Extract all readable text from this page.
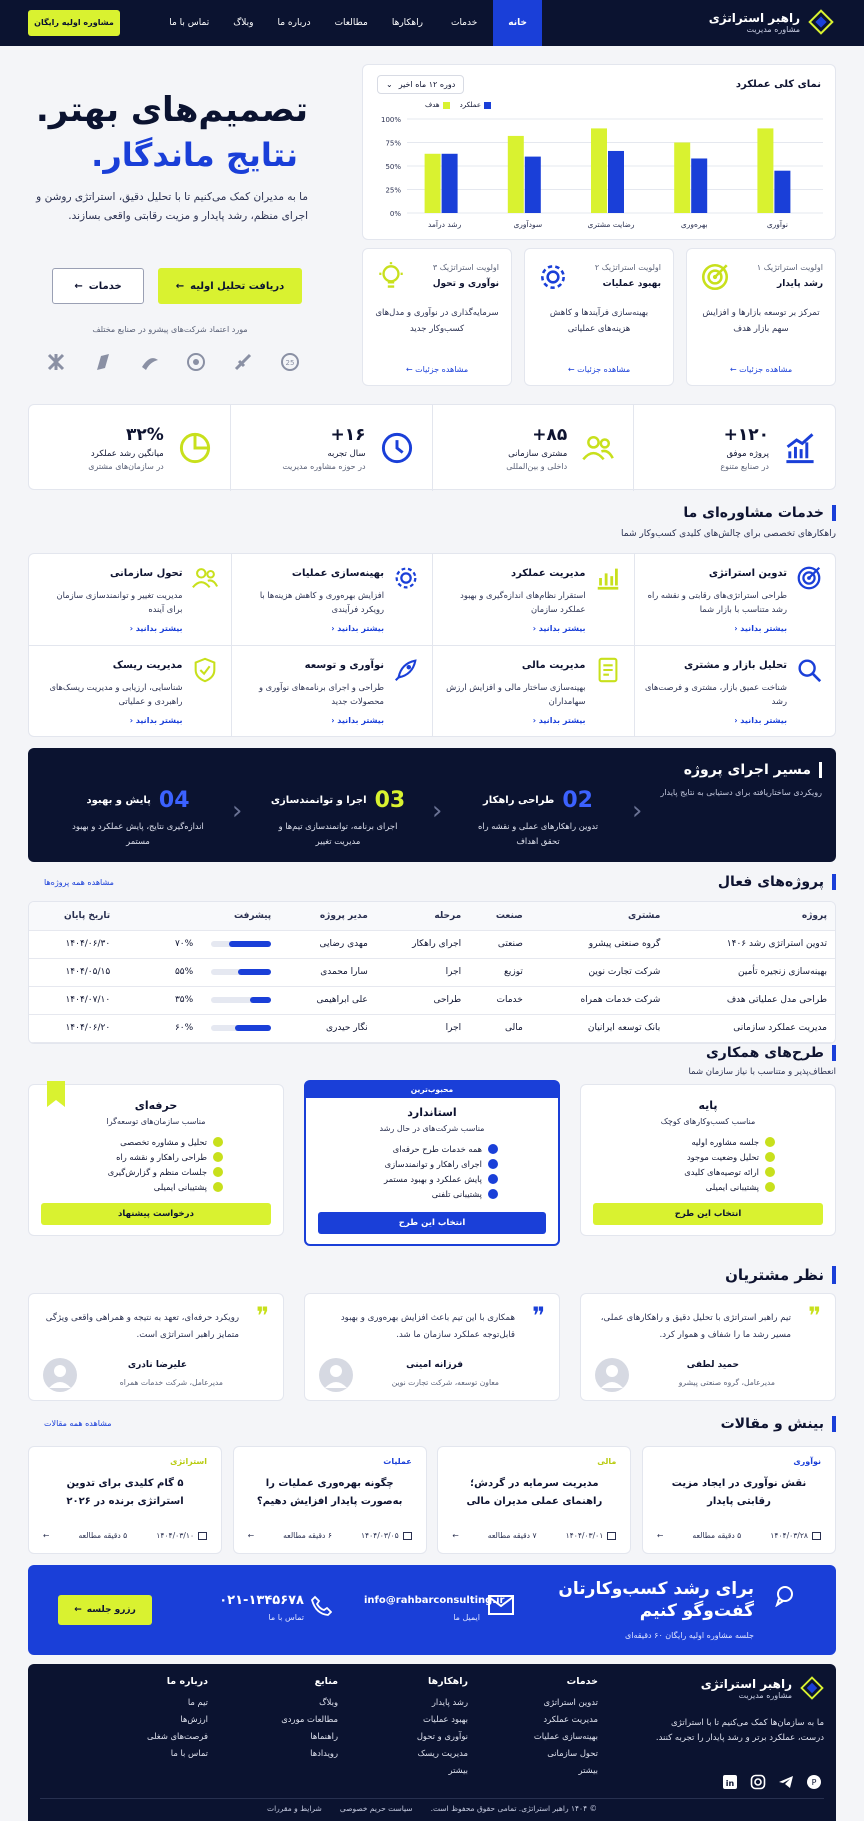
راهبر استراتژی
مشاوره مدیریت
خانه
خدمات
راهکارها
مطالعات
درباره ما
وبلاگ
تماس با ما
مشاوره اولیه رایگان
تصمیم‌های بهتر.
نتایج ماندگار.
ما به مدیران کمک می‌کنیم تا با تحلیل دقیق، استراتژی روشن و اجرای منظم، رشد پایدار و مزیت رقابتی واقعی بسازند.
دریافت تحلیل اولیه
←
خدمات
←
مورد اعتماد شرکت‌های پیشرو در صنایع مختلف
25
نمای کلی عملکرد
دوره ۱۲ ماه اخیر
⌄
عملکرد
هدف
0%
25%
50%
75%
100%
نوآوری
بهره‌وری
رضایت مشتری
سودآوری
رشد درآمد
اولویت استراتژیک ۱
رشد پایدار
تمرکز بر توسعه بازارها و افزایش سهم بازار هدف
مشاهده جزئیات ←
اولویت استراتژیک ۲
بهبود عملیات
بهینه‌سازی فرآیندها و کاهش هزینه‌های عملیاتی
مشاهده جزئیات ←
اولویت استراتژیک ۳
نوآوری و تحول
سرمایه‌گذاری در نوآوری و مدل‌های کسب‌وکار جدید
مشاهده جزئیات ←
۱۲۰+
پروژه موفق
در صنایع متنوع
۸۵+
مشتری سازمانی
داخلی و بین‌المللی
۱۶+
سال تجربه
در حوزه مشاوره مدیریت
۳۲%
میانگین رشد عملکرد
در سازمان‌های مشتری
خدمات مشاوره‌ای ما
راهکارهای تخصصی برای چالش‌های کلیدی کسب‌وکار شما
تدوین استراتژی
طراحی استراتژی‌های رقابتی و نقشه راه رشد متناسب با بازار شما
بیشتر بدانید ‹
مدیریت عملکرد
استقرار نظام‌های اندازه‌گیری و بهبود عملکرد سازمان
بیشتر بدانید ‹
بهینه‌سازی عملیات
افزایش بهره‌وری و کاهش هزینه‌ها با رویکرد فرآیندی
بیشتر بدانید ‹
تحول سازمانی
مدیریت تغییر و توانمندسازی سازمان برای آینده
بیشتر بدانید ‹
تحلیل بازار و مشتری
شناخت عمیق بازار، مشتری و فرصت‌های رشد
بیشتر بدانید ‹
مدیریت مالی
بهینه‌سازی ساختار مالی و افزایش ارزش سهامداران
بیشتر بدانید ‹
نوآوری و توسعه
طراحی و اجرای برنامه‌های نوآوری و محصولات جدید
بیشتر بدانید ‹
مدیریت ریسک
شناسایی، ارزیابی و مدیریت ریسک‌های راهبردی و عملیاتی
بیشتر بدانید ‹
مسیر اجرای پروژه
رویکردی ساختاریافته برای دستیابی به نتایج پایدار
›
02
طراحی راهکار
تدوین راهکارهای عملی و نقشه راه تحقق اهداف
›
03
اجرا و توانمندسازی
اجرای برنامه، توانمندسازی تیم‌ها و مدیریت تغییر
›
04
پایش و بهبود
اندازه‌گیری نتایج، پایش عملکرد و بهبود مستمر
پروژه‌های فعال
مشاهده همه پروژه‌ها
پروژه	مشتری	صنعت	مرحله	مدیر پروژه	پیشرفت	تاریخ پایان
تدوین استراتژی رشد ۱۴۰۶	گروه صنعتی پیشرو	صنعتی	اجرای راهکار	مهدی رضایی	۷۰%	۱۴۰۴/۰۶/۳۰
بهینه‌سازی زنجیره تأمین	شرکت تجارت نوین	توزیع	اجرا	سارا محمدی	۵۵%	۱۴۰۴/۰۵/۱۵
طراحی مدل عملیاتی هدف	شرکت خدمات همراه	خدمات	طراحی	علی ابراهیمی	۳۵%	۱۴۰۴/۰۷/۱۰
مدیریت عملکرد سازمانی	بانک توسعه ایرانیان	مالی	اجرا	نگار حیدری	۶۰%	۱۴۰۴/۰۶/۲۰
طرح‌های همکاری
انعطاف‌پذیر و متناسب با نیاز سازمان شما
پایه
مناسب کسب‌وکارهای کوچک
جلسه مشاوره اولیه
تحلیل وضعیت موجود
ارائه توصیه‌های کلیدی
پشتیبانی ایمیلی
انتخاب این طرح
محبوب‌ترین
استاندارد
مناسب شرکت‌های در حال رشد
همه خدمات طرح حرفه‌ای
اجرای راهکار و توانمندسازی
پایش عملکرد و بهبود مستمر
پشتیبانی تلفنی
انتخاب این طرح
حرفه‌ای
مناسب سازمان‌های توسعه‌گرا
تحلیل و مشاوره تخصصی
طراحی راهکار و نقشه راه
جلسات منظم و گزارش‌گیری
پشتیبانی ایمیلی
درخواست پیشنهاد
نظر مشتریان
❞
تیم راهبر استراتژی با تحلیل دقیق و راهکارهای عملی، مسیر رشد ما را شفاف و هموار کرد.
حمید لطفی
مدیرعامل، گروه صنعتی پیشرو
❞
همکاری با این تیم باعث افزایش بهره‌وری و بهبود قابل‌توجه عملکرد سازمان ما شد.
فرزانه امینی
معاون توسعه، شرکت تجارت نوین
❞
رویکرد حرفه‌ای، تعهد به نتیجه و همراهی واقعی ویژگی متمایز راهبر استراتژی است.
علیرضا نادری
مدیرعامل، شرکت خدمات همراه
بینش و مقالات
مشاهده همه مقالات
نوآوری
نقش نوآوری در ایجاد مزیت رقابتی پایدار
۱۴۰۴/۰۳/۲۸
۵ دقیقه مطالعه
←
مالی
مدیریت سرمایه در گردش؛ راهنمای عملی مدیران مالی
۱۴۰۴/۰۳/۰۱
۷ دقیقه مطالعه
←
عملیات
چگونه بهره‌وری عملیات را به‌صورت پایدار افزایش دهیم؟
۱۴۰۴/۰۳/۰۵
۶ دقیقه مطالعه
←
استراتژی
۵ گام کلیدی برای تدوین استراتژی برنده در ۲۰۲۶
۱۴۰۴/۰۳/۱۰
۵ دقیقه مطالعه
←
برای رشد کسب‌وکارتان
گفت‌وگو کنیم
جلسه مشاوره اولیه رایگان ۶۰ دقیقه‌ای
info@rahbarconsulting.ir
ایمیل ما
۰۲۱-۱۳۴۵۶۷۸
تماس با ما
رزرو جلسه
←
راهبر استراتژی
مشاوره مدیریت
ما به سازمان‌ها کمک می‌کنیم تا با استراتژی درست، عملکرد برتر و رشد پایدار را تجربه کنند.
P
in
خدمات
تدوین استراتژی
مدیریت عملکرد
بهینه‌سازی عملیات
تحول سازمانی
بیشتر
راهکارها
رشد پایدار
بهبود عملیات
نوآوری و تحول
مدیریت ریسک
بیشتر
منابع
وبلاگ
مطالعات موردی
راهنماها
رویدادها
درباره ما
تیم ما
ارزش‌ها
فرصت‌های شغلی
تماس با ما
© ۱۴۰۴ راهبر استراتژی. تمامی حقوق محفوظ است.
سیاست حریم خصوصی
شرایط و مقررات
